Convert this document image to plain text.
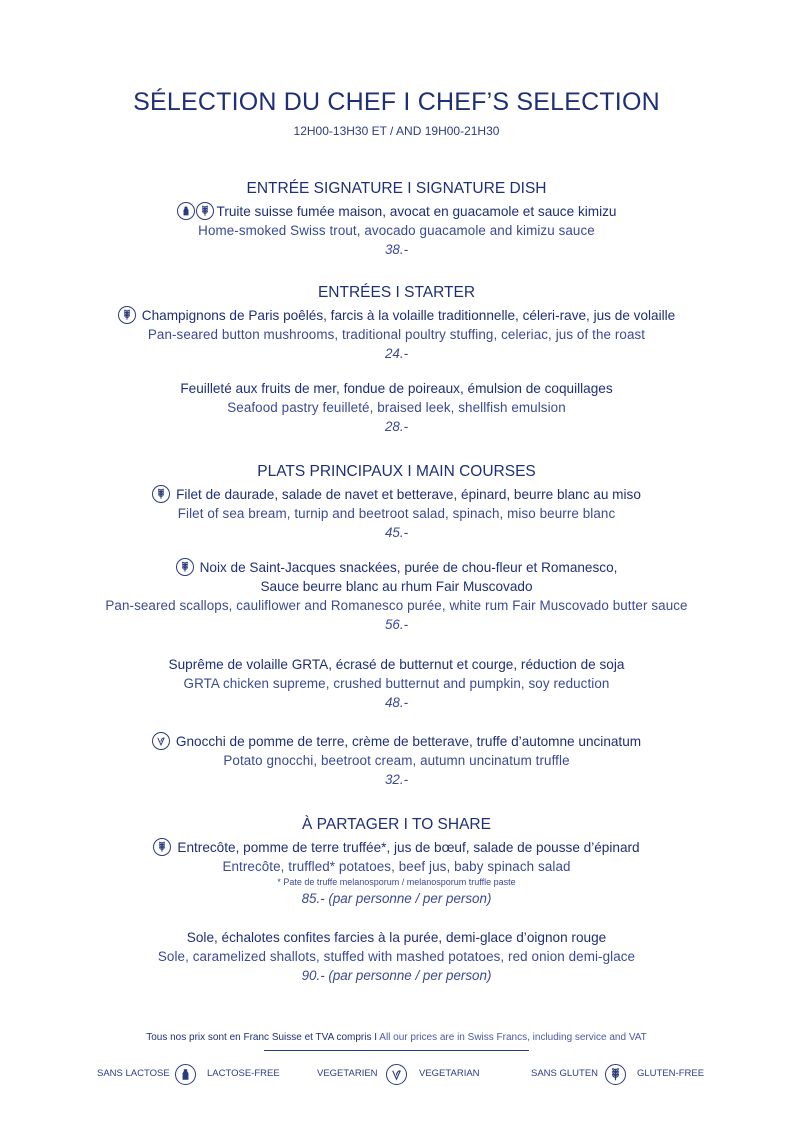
SÉLECTION DU CHEF I CHEF’S SELECTION
12H00-13H30 ET / AND 19H00-21H30
ENTRÉE SIGNATURE I SIGNATURE DISH
Truite suisse fumée maison, avocat en guacamole et sauce kimizu
Home-smoked Swiss trout, avocado guacamole and kimizu sauce
38.-
ENTRÉES I STARTER
Champignons de Paris poêlés, farcis à la volaille traditionnelle, céleri-rave, jus de volaille
Pan-seared button mushrooms, traditional poultry stuffing, celeriac, jus of the roast
24.-
Feuilleté aux fruits de mer, fondue de poireaux, émulsion de coquillages
Seafood pastry feuilleté, braised leek, shellfish emulsion
28.-
PLATS PRINCIPAUX I MAIN COURSES
Filet de daurade, salade de navet et betterave, épinard, beurre blanc au miso
Filet of sea bream, turnip and beetroot salad, spinach, miso beurre blanc
45.-
Noix de Saint-Jacques snackées, purée de chou-fleur et Romanesco,
Sauce beurre blanc au rhum Fair Muscovado
Pan-seared scallops, cauliflower and Romanesco purée, white rum Fair Muscovado butter sauce
56.-
Suprême de volaille GRTA, écrasé de butternut et courge, réduction de soja
GRTA chicken supreme, crushed butternut and pumpkin, soy reduction
48.-
Gnocchi de pomme de terre, crème de betterave, truffe d’automne uncinatum
Potato gnocchi, beetroot cream, autumn uncinatum truffle
32.-
À PARTAGER I TO SHARE
Entrecôte, pomme de terre truffée*, jus de bœuf, salade de pousse d’épinard
Entrecôte, truffled* potatoes, beef jus, baby spinach salad
* Pate de truffe melanosporum / melanosporum truffle paste
85.- (par personne / per person)
Sole, échalotes confites farcies à la purée, demi-glace d’oignon rouge
Sole, caramelized shallots, stuffed with mashed potatoes, red onion demi-glace
90.- (par personne / per person)
Tous nos prix sont en Franc Suisse et TVA compris I All our prices are in Swiss Francs, including service and VAT
SANS LACTOSE	LACTOSE-FREE	VEGETARIEN	VEGETARIAN	SANS GLUTEN	GLUTEN-FREE
